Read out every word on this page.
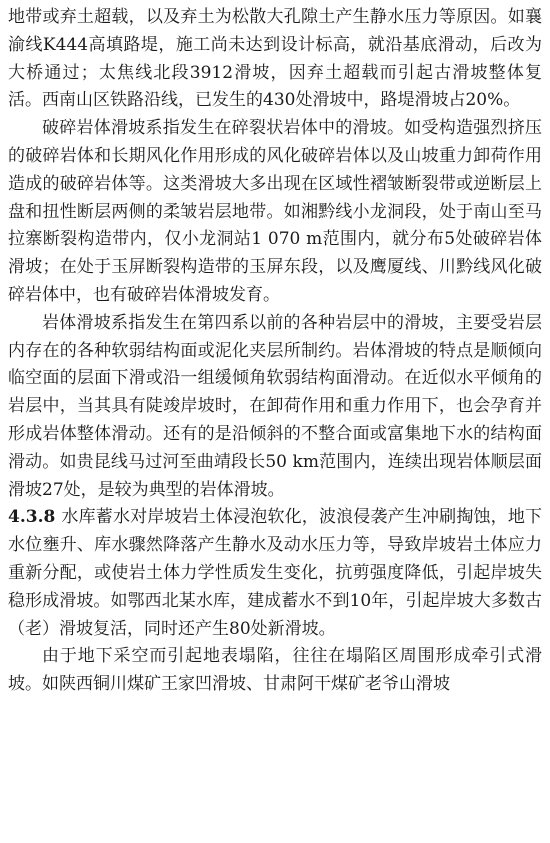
地带或弃土超载，以及弃土为松散大孔隙土产生静水压力等原因。如襄渝线K444高填路堤，施工尚未达到设计标高，就沿基底滑动，后改为大桥通过；太焦线北段3912滑坡，因弃土超载而引起古滑坡整体复活。西南山区铁路沿线，已发生的430处滑坡中，路堤滑坡占20%。

破碎岩体滑坡系指发生在碎裂状岩体中的滑坡。如受构造强烈挤压的破碎岩体和长期风化作用形成的风化破碎岩体以及山坡重力卸荷作用造成的破碎岩体等。这类滑坡大多出现在区域性褶皱断裂带或逆断层上盘和扭性断层两侧的柔皱岩层地带。如湘黔线小龙洞段，处于南山至马拉寨断裂构造带内，仅小龙洞站1 070 m范围内，就分布5处破碎岩体滑坡；在处于玉屏断裂构造带的玉屏东段，以及鹰厦线、川黔线风化破碎岩体中，也有破碎岩体滑坡发育。

岩体滑坡系指发生在第四系以前的各种岩层中的滑坡，主要受岩层内存在的各种软弱结构面或泥化夹层所制约。岩体滑坡的特点是顺倾向临空面的层面下滑或沿一组缓倾角软弱结构面滑动。在近似水平倾角的岩层中，当其具有陡竣岸坡时，在卸荷作用和重力作用下，也会孕育并形成岩体整体滑动。还有的是沿倾斜的不整合面或富集地下水的结构面滑动。如贵昆线马过河至曲靖段长50 km范围内，连续出现岩体顺层面滑坡27处，是较为典型的岩体滑坡。

4.3.8 水库蓄水对岸坡岩土体浸泡软化，波浪侵袭产生冲刷掏蚀，地下水位壅升、库水骤然降落产生静水及动水压力等，导致岸坡岩土体应力重新分配，或使岩土体力学性质发生变化，抗剪强度降低，引起岸坡失稳形成滑坡。如鄂西北某水库，建成蓄水不到10年，引起岸坡大多数古（老）滑坡复活，同时还产生80处新滑坡。

由于地下采空而引起地表塌陷，往往在塌陷区周围形成牵引式滑坡。如陕西铜川煤矿王家凹滑坡、甘肃阿干煤矿老爷山滑坡
